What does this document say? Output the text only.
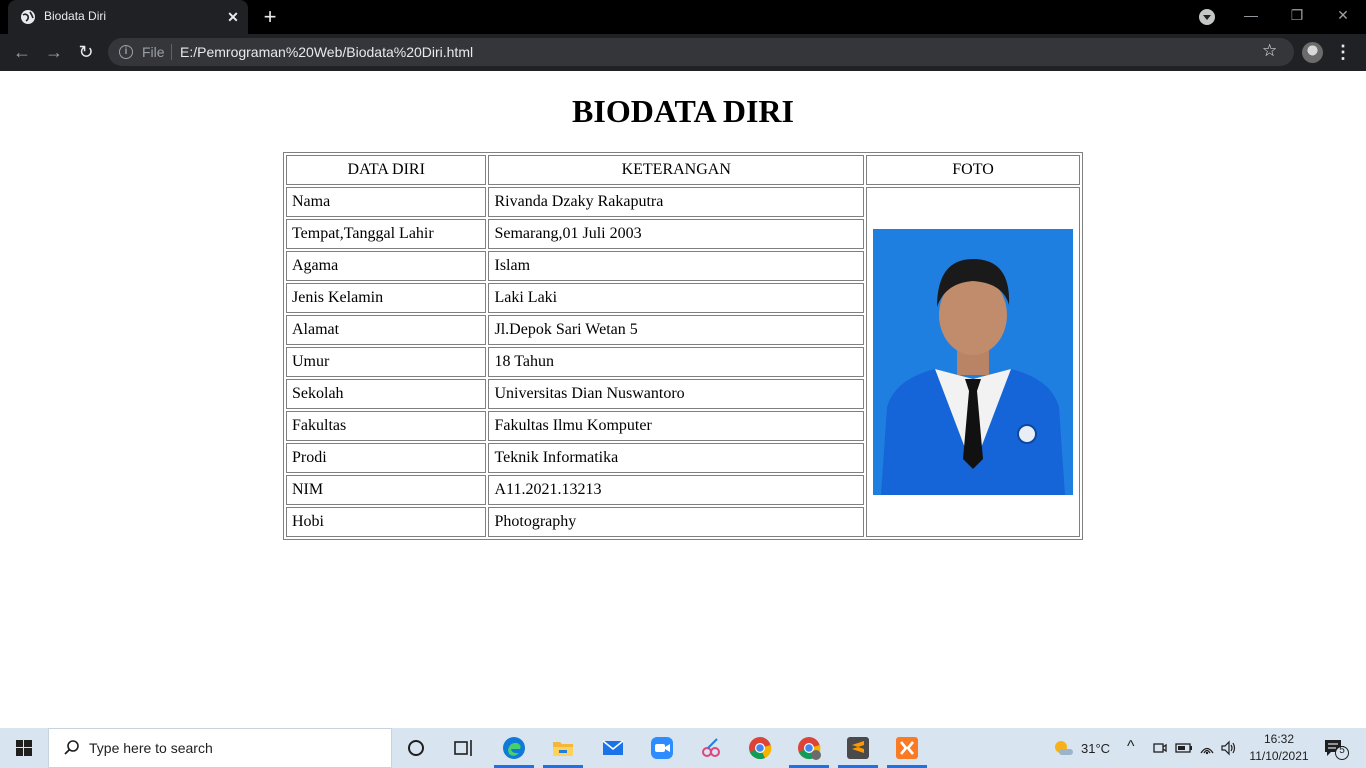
Biodata Diri	✕ +	—	❐	✕
← → ↻	i	File E:/Pemrograman%20Web/Biodata%20Diri.html	☆	⋮
BIODATA DIRI
DATA DIRI	KETERANGAN	FOTO
Nama	Rivanda Dzaky Rakaputra	
Tempat,Tanggal Lahir	Semarang,01 Juli 2003	
Agama	Islam	
Jenis Kelamin	Laki Laki	
Alamat	Jl.Depok Sari Wetan 5	
Umur	18 Tahun	
Sekolah	Universitas Dian Nuswantoro	
Fakultas	Fakultas Ilmu Komputer	
Prodi	Teknik Informatika	
NIM	A11.2021.13213	
Hobi	Photography	
Type here to search	31°C ^	16:32
11/10/2021	5
